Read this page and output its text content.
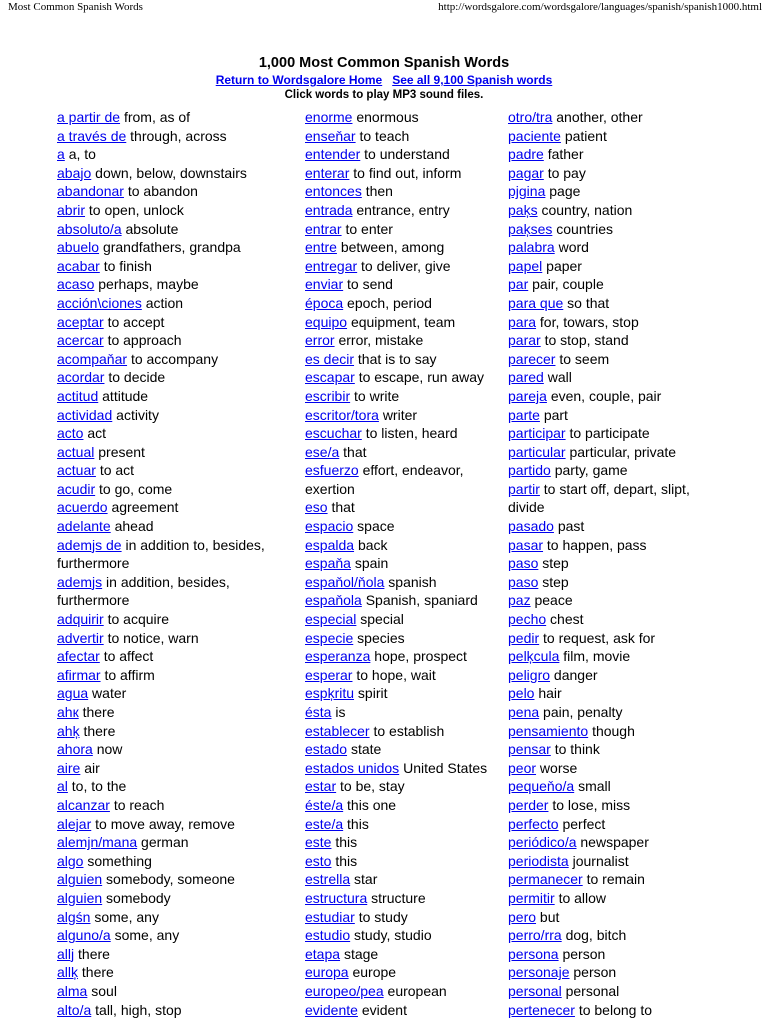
Most Common Spanish Words	http://wordsgalore.com/wordsgalore/languages/spanish/spanish1000.html
1,000 Most Common Spanish Words
Return to Wordsgalore Home See all 9,100 Spanish words
Click words to play MP3 sound files.
a partir de from, as of
a través de through, across
a a, to
abajo down, below, downstairs
abandonar to abandon
abrir to open, unlock
absoluto/a absolute
abuelo grandfathers, grandpa
acabar to finish
acaso perhaps, maybe
acción\ciones action
aceptar to accept
acercar to approach
acompaňar to accompany
acordar to decide
actitud attitude
actividad activity
acto act
actual present
actuar to act
acudir to go, come
acuerdo agreement
adelante ahead
ademјs de in addition to, besides,
furthermore
ademјs in addition, besides,
furthermore
adquirir to acquire
advertir to notice, warn
afectar to affect
afirmar to affirm
agua water
ahк there
ahķ there
ahora now
aire air
al to, to the
alcanzar to reach
alejar to move away, remove
alemјn/mana german
algo something
alguien somebody, someone
alguien somebody
algśn some, any
alguno/a some, any
allј there
allķ there
alma soul
alto/a tall, high, stop
enorme enormous
enseňar to teach
entender to understand
enterar to find out, inform
entonces then
entrada entrance, entry
entrar to enter
entre between, among
entregar to deliver, give
enviar to send
época epoch, period
equipo equipment, team
error error, mistake
es decir that is to say
escapar to escape, run away
escribir to write
escritor/tora writer
escuchar to listen, heard
ese/a that
esfuerzo effort, endeavor,
exertion
eso that
espacio space
espalda back
espaňa spain
espaňol/ňola spanish
espaňola Spanish, spaniard
especial special
especie species
esperanza hope, prospect
esperar to hope, wait
espķritu spirit
ésta is
establecer to establish
estado state
estados unidos United States
estar to be, stay
éste/a this one
este/a this
este this
esto this
estrella star
estructura structure
estudiar to study
estudio study, studio
etapa stage
europa europe
europeo/pea european
evidente evident
otro/tra another, other
paciente patient
padre father
pagar to pay
pјgina page
paķs country, nation
paķses countries
palabra word
papel paper
par pair, couple
para que so that
para for, towars, stop
parar to stop, stand
parecer to seem
pared wall
pareja even, couple, pair
parte part
participar to participate
particular particular, private
partido party, game
partir to start off, depart, slipt,
divide
pasado past
pasar to happen, pass
paso step
paso step
paz peace
pecho chest
pedir to request, ask for
pelķcula film, movie
peligro danger
pelo hair
pena pain, penalty
pensamiento though
pensar to think
peor worse
pequeňo/a small
perder to lose, miss
perfecto perfect
periódico/a newspaper
periodista journalist
permanecer to remain
permitir to allow
pero but
perro/rra dog, bitch
persona person
personaje person
personal personal
pertenecer to belong to
